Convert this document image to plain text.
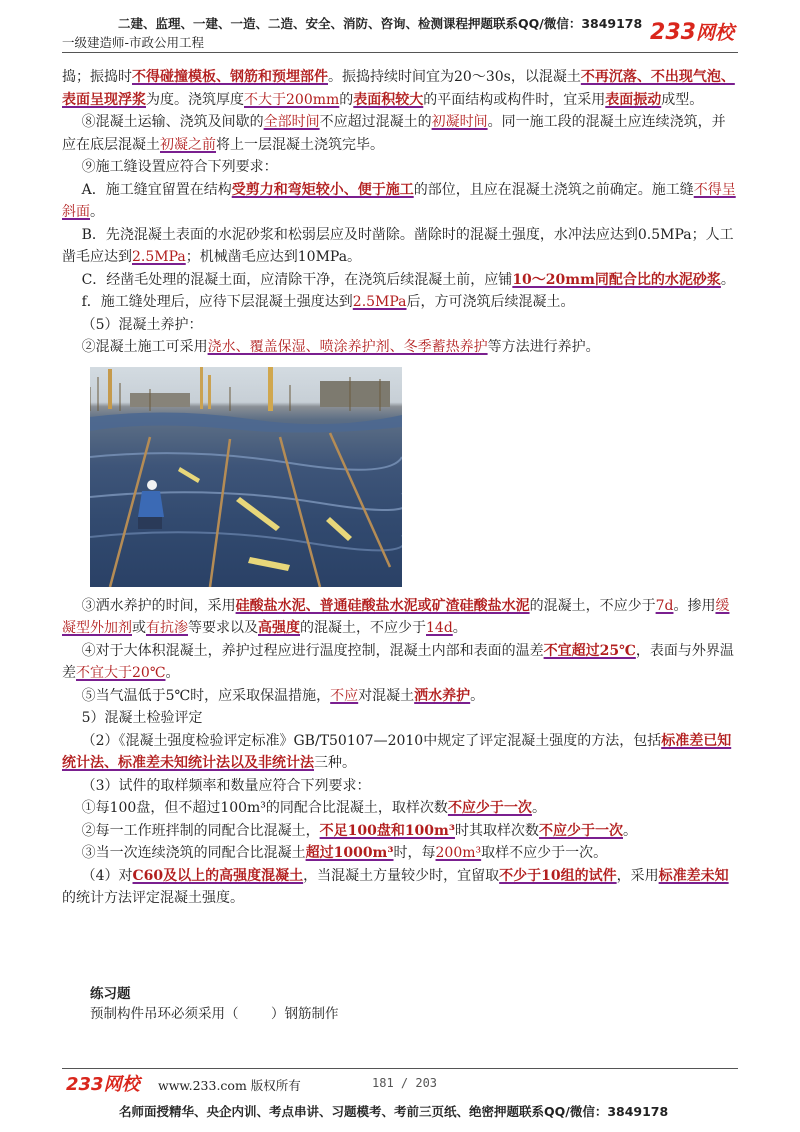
二建、监理、一建、一造、二造、安全、消防、咨询、检测课程押题联系QQ/微信：3849178
一级建造师-市政公用工程	233网校

捣；振捣时不得碰撞模板、钢筋和预埋部件。振捣持续时间宜为20～30s，以混凝土不再沉落、不出现气泡、表面呈现浮浆为度。浇筑厚度不大于200mm的表面积较大的平面结构或构件时，宜采用表面振动成型。

⑧混凝土运输、浇筑及间歇的全部时间不应超过混凝土的初凝时间。同一施工段的混凝土应连续浇筑，并应在底层混凝土初凝之前将上一层混凝土浇筑完毕。

⑨施工缝设置应符合下列要求：

A．施工缝宜留置在结构受剪力和弯矩较小、便于施工的部位，且应在混凝土浇筑之前确定。施工缝不得呈斜面。

B．先浇混凝土表面的水泥砂浆和松弱层应及时凿除。凿除时的混凝土强度，水冲法应达到0.5MPa；人工凿毛应达到2.5MPa；机械凿毛应达到10MPa。

C．经凿毛处理的混凝土面，应清除干净，在浇筑后续混凝土前，应铺10～20mm同配合比的水泥砂浆。

f．施工缝处理后，应待下层混凝土强度达到2.5MPa后，方可浇筑后续混凝土。

（5）混凝土养护：

②混凝土施工可采用浇水、覆盖保湿、喷涂养护剂、冬季蓄热养护等方法进行养护。

③洒水养护的时间，采用硅酸盐水泥、普通硅酸盐水泥或矿渣硅酸盐水泥的混凝土，不应少于7d。掺用缓凝型外加剂或有抗渗等要求以及高强度的混凝土，不应少于14d。

④对于大体积混凝土，养护过程应进行温度控制，混凝土内部和表面的温差不宜超过25℃，表面与外界温差不宜大于20℃。

⑤当气温低于5℃时，应采取保温措施，不应对混凝土洒水养护。

5）混凝土检验评定

（2）《混凝土强度检验评定标准》GB/T50107—2010中规定了评定混凝土强度的方法，包括标准差已知统计法、标准差未知统计法以及非统计法三种。

（3）试件的取样频率和数量应符合下列要求：

①每100盘，但不超过100m³的同配合比混凝土，取样次数不应少于一次。

②每一工作班拌制的同配合比混凝土，不足100盘和100m³时其取样次数不应少于一次。

③当一次连续浇筑的同配合比混凝土超过1000m³时，每200m³取样不应少于一次。

（4）对C60及以上的高强度混凝土，当混凝土方量较少时，宜留取不少于10组的试件，采用标准差未知的统计方法评定混凝土强度。

练习题
预制构件吊环必须采用（    ）钢筋制作
233网校 www.233.com 版权所有	181 / 203
名师面授精华、央企内训、考点串讲、习题模考、考前三页纸、绝密押题联系QQ/微信：3849178
